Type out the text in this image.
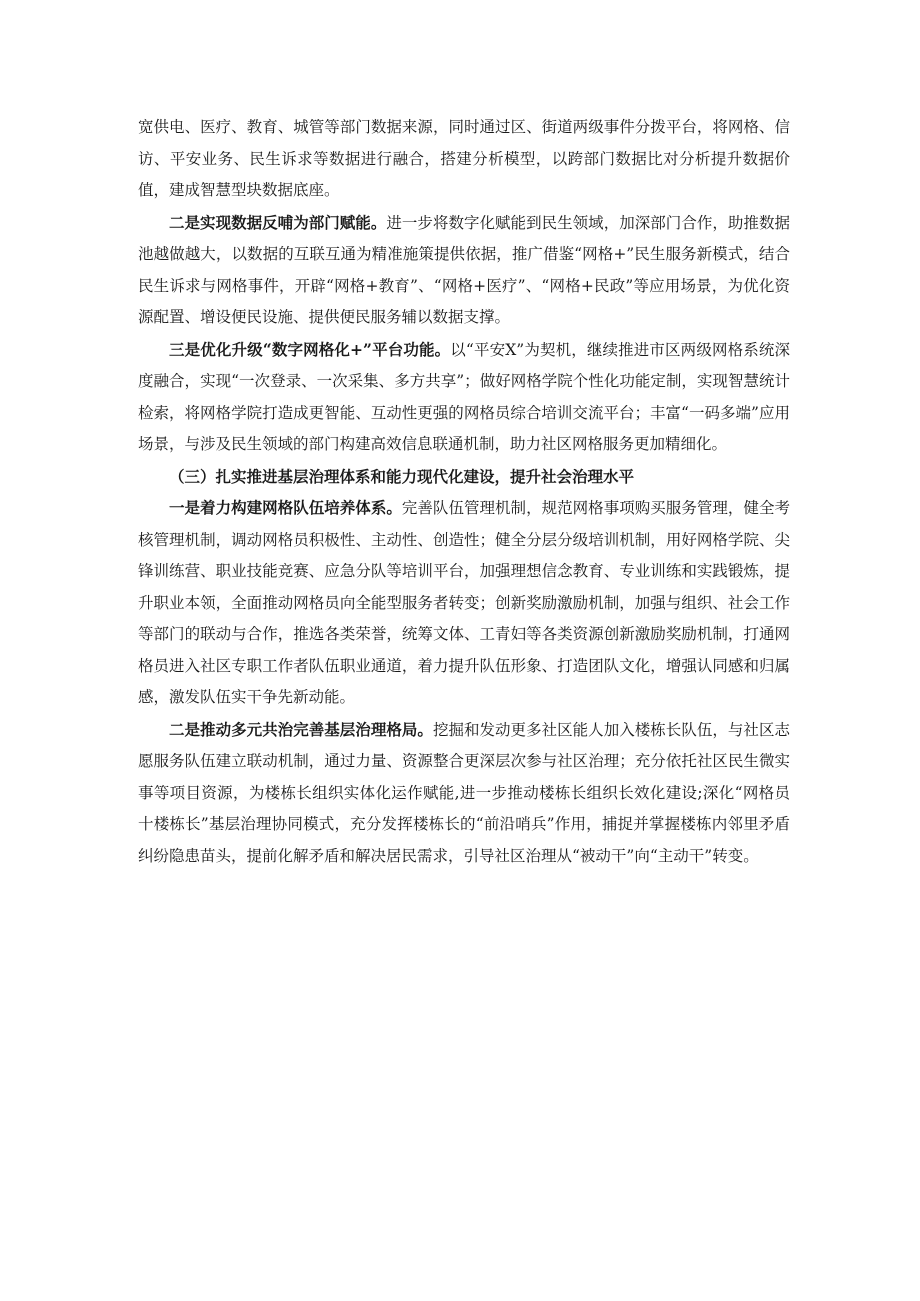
宽供电、医疗、教育、城管等部门数据来源，同时通过区、街道两级事件分拨平台，将网格、信访、平安业务、民生诉求等数据进行融合，搭建分析模型，以跨部门数据比对分析提升数据价值，建成智慧型块数据底座。

二是实现数据反哺为部门赋能。进一步将数字化赋能到民生领域，加深部门合作，助推数据池越做越大，以数据的互联互通为精准施策提供依据，推广借鉴“网格+”民生服务新模式，结合民生诉求与网格事件，开辟“网格+教育”、“网格+医疗”、“网格+民政”等应用场景，为优化资源配置、增设便民设施、提供便民服务辅以数据支撑。

三是优化升级“数字网格化+”平台功能。以“平安X”为契机，继续推进市区两级网格系统深度融合，实现“一次登录、一次采集、多方共享”；做好网格学院个性化功能定制，实现智慧统计检索，将网格学院打造成更智能、互动性更强的网格员综合培训交流平台；丰富“一码多端”应用场景，与涉及民生领域的部门构建高效信息联通机制，助力社区网格服务更加精细化。

（三）扎实推进基层治理体系和能力现代化建设，提升社会治理水平

一是着力构建网格队伍培养体系。完善队伍管理机制，规范网格事项购买服务管理，健全考核管理机制，调动网格员积极性、主动性、创造性；健全分层分级培训机制，用好网格学院、尖锋训练营、职业技能竞赛、应急分队等培训平台，加强理想信念教育、专业训练和实践锻炼，提升职业本领，全面推动网格员向全能型服务者转变；创新奖励激励机制，加强与组织、社会工作等部门的联动与合作，推选各类荣誉，统筹文体、工青妇等各类资源创新激励奖励机制，打通网格员进入社区专职工作者队伍职业通道，着力提升队伍形象、打造团队文化，增强认同感和归属感，激发队伍实干争先新动能。

二是推动多元共治完善基层治理格局。挖掘和发动更多社区能人加入楼栋长队伍，与社区志愿服务队伍建立联动机制，通过力量、资源整合更深层次参与社区治理；充分依托社区民生微实事等项目资源，为楼栋长组织实体化运作赋能,进一步推动楼栋长组织长效化建设;深化“网格员十楼栋长”基层治理协同模式，充分发挥楼栋长的“前沿哨兵”作用，捕捉并掌握楼栋内邻里矛盾纠纷隐患苗头，提前化解矛盾和解决居民需求，引导社区治理从“被动干”向“主动干”转变。
